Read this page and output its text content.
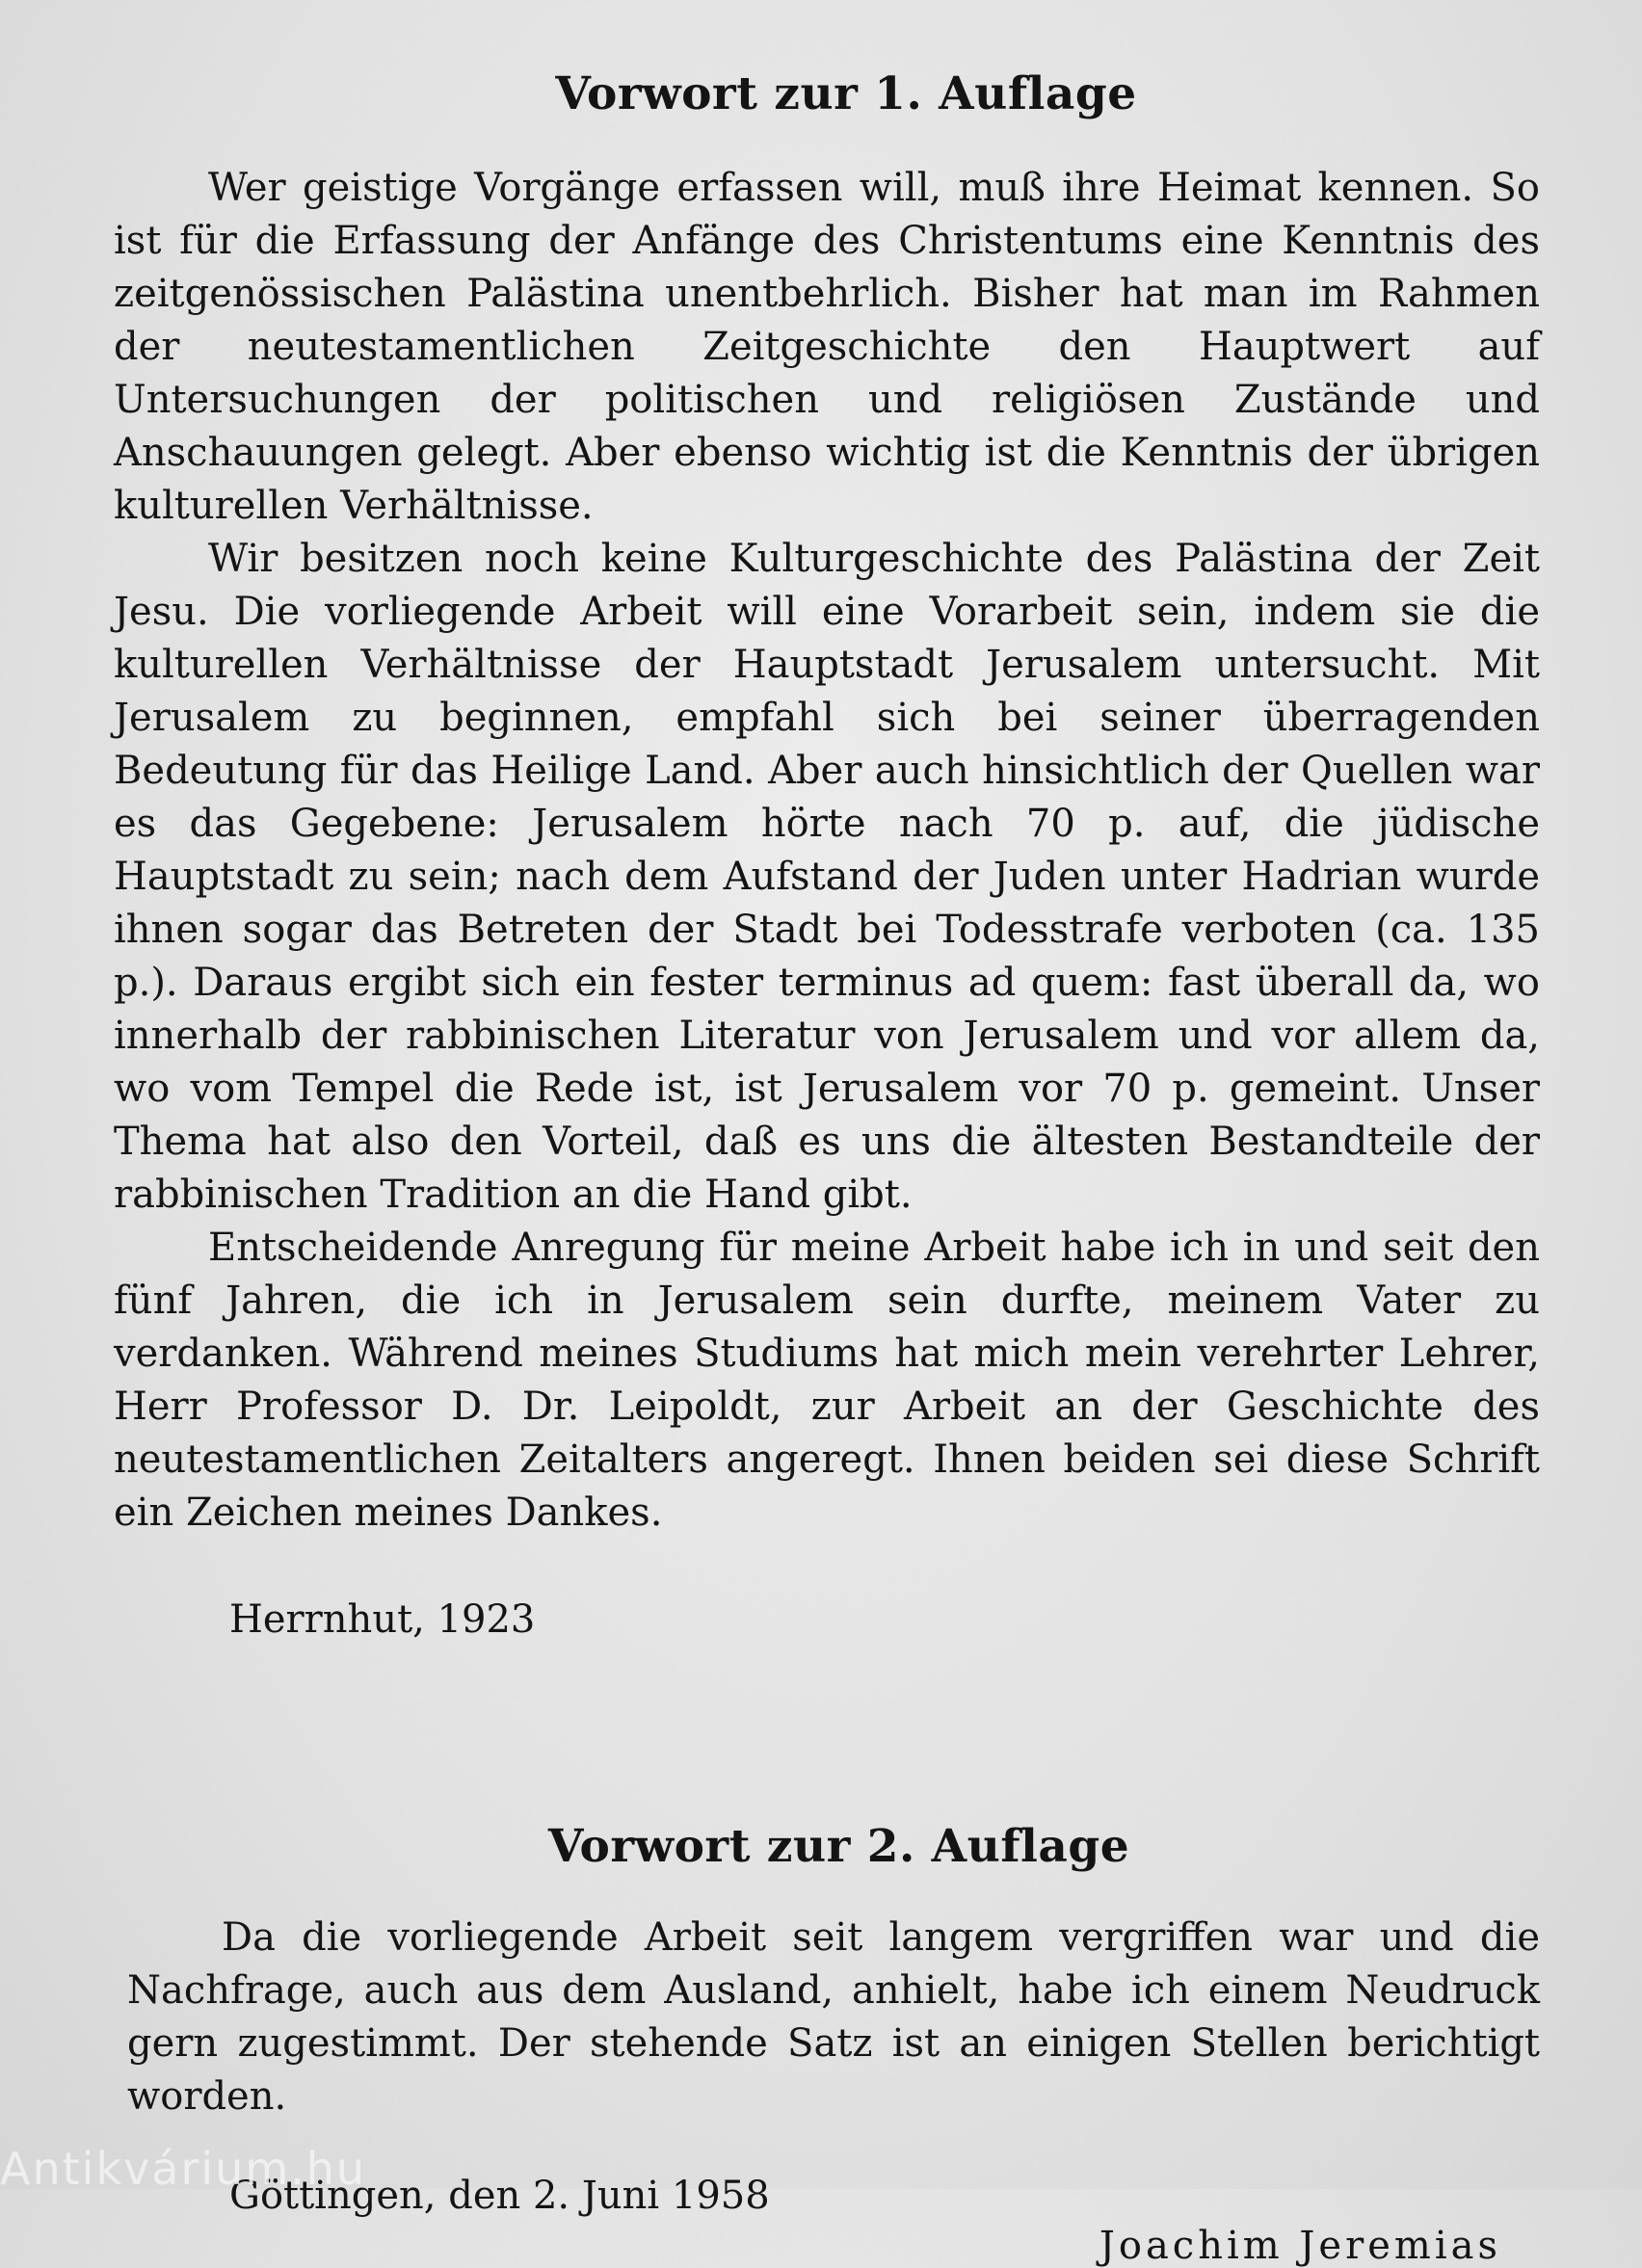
Vorwort zur 1. Auflage

Wer geistige Vorgänge erfassen will, muß ihre Heimat kennen. So ist für die Erfassung der Anfänge des Christentums eine Kenntnis des zeitgenössischen Palästina unentbehrlich. Bisher hat man im Rahmen der neutestamentlichen Zeitgeschichte den Hauptwert auf Untersuchungen der politischen und religiösen Zustände und Anschauungen gelegt. Aber ebenso wichtig ist die Kenntnis der übrigen kulturellen Verhältnisse.

Wir besitzen noch keine Kulturgeschichte des Palästina der Zeit Jesu. Die vorliegende Arbeit will eine Vorarbeit sein, indem sie die kulturellen Verhältnisse der Hauptstadt Jerusalem untersucht. Mit Jerusalem zu beginnen, empfahl sich bei seiner überragenden Bedeutung für das Heilige Land. Aber auch hinsichtlich der Quellen war es das Gegebene: Jerusalem hörte nach 70 p. auf, die jüdische Hauptstadt zu sein; nach dem Aufstand der Juden unter Hadrian wurde ihnen sogar das Betreten der Stadt bei Todesstrafe verboten (ca. 135 p.). Daraus ergibt sich ein fester terminus ad quem: fast überall da, wo innerhalb der rabbinischen Literatur von Jerusalem und vor allem da, wo vom Tempel die Rede ist, ist Jerusalem vor 70 p. gemeint. Unser Thema hat also den Vorteil, daß es uns die ältesten Bestandteile der rabbinischen Tradition an die Hand gibt.

Entscheidende Anregung für meine Arbeit habe ich in und seit den fünf Jahren, die ich in Jerusalem sein durfte, meinem Vater zu verdanken. Während meines Studiums hat mich mein verehrter Lehrer, Herr Professor D. Dr. Leipoldt, zur Arbeit an der Geschichte des neutestamentlichen Zeitalters angeregt. Ihnen beiden sei diese Schrift ein Zeichen meines Dankes.

Herrnhut, 1923

Vorwort zur 2. Auflage

Da die vorliegende Arbeit seit langem vergriffen war und die Nachfrage, auch aus dem Ausland, anhielt, habe ich einem Neudruck gern zugestimmt. Der stehende Satz ist an einigen Stellen berichtigt worden.

Göttingen, den 2. Juni 1958

Joachim Jeremias

Antikvárium.hu
